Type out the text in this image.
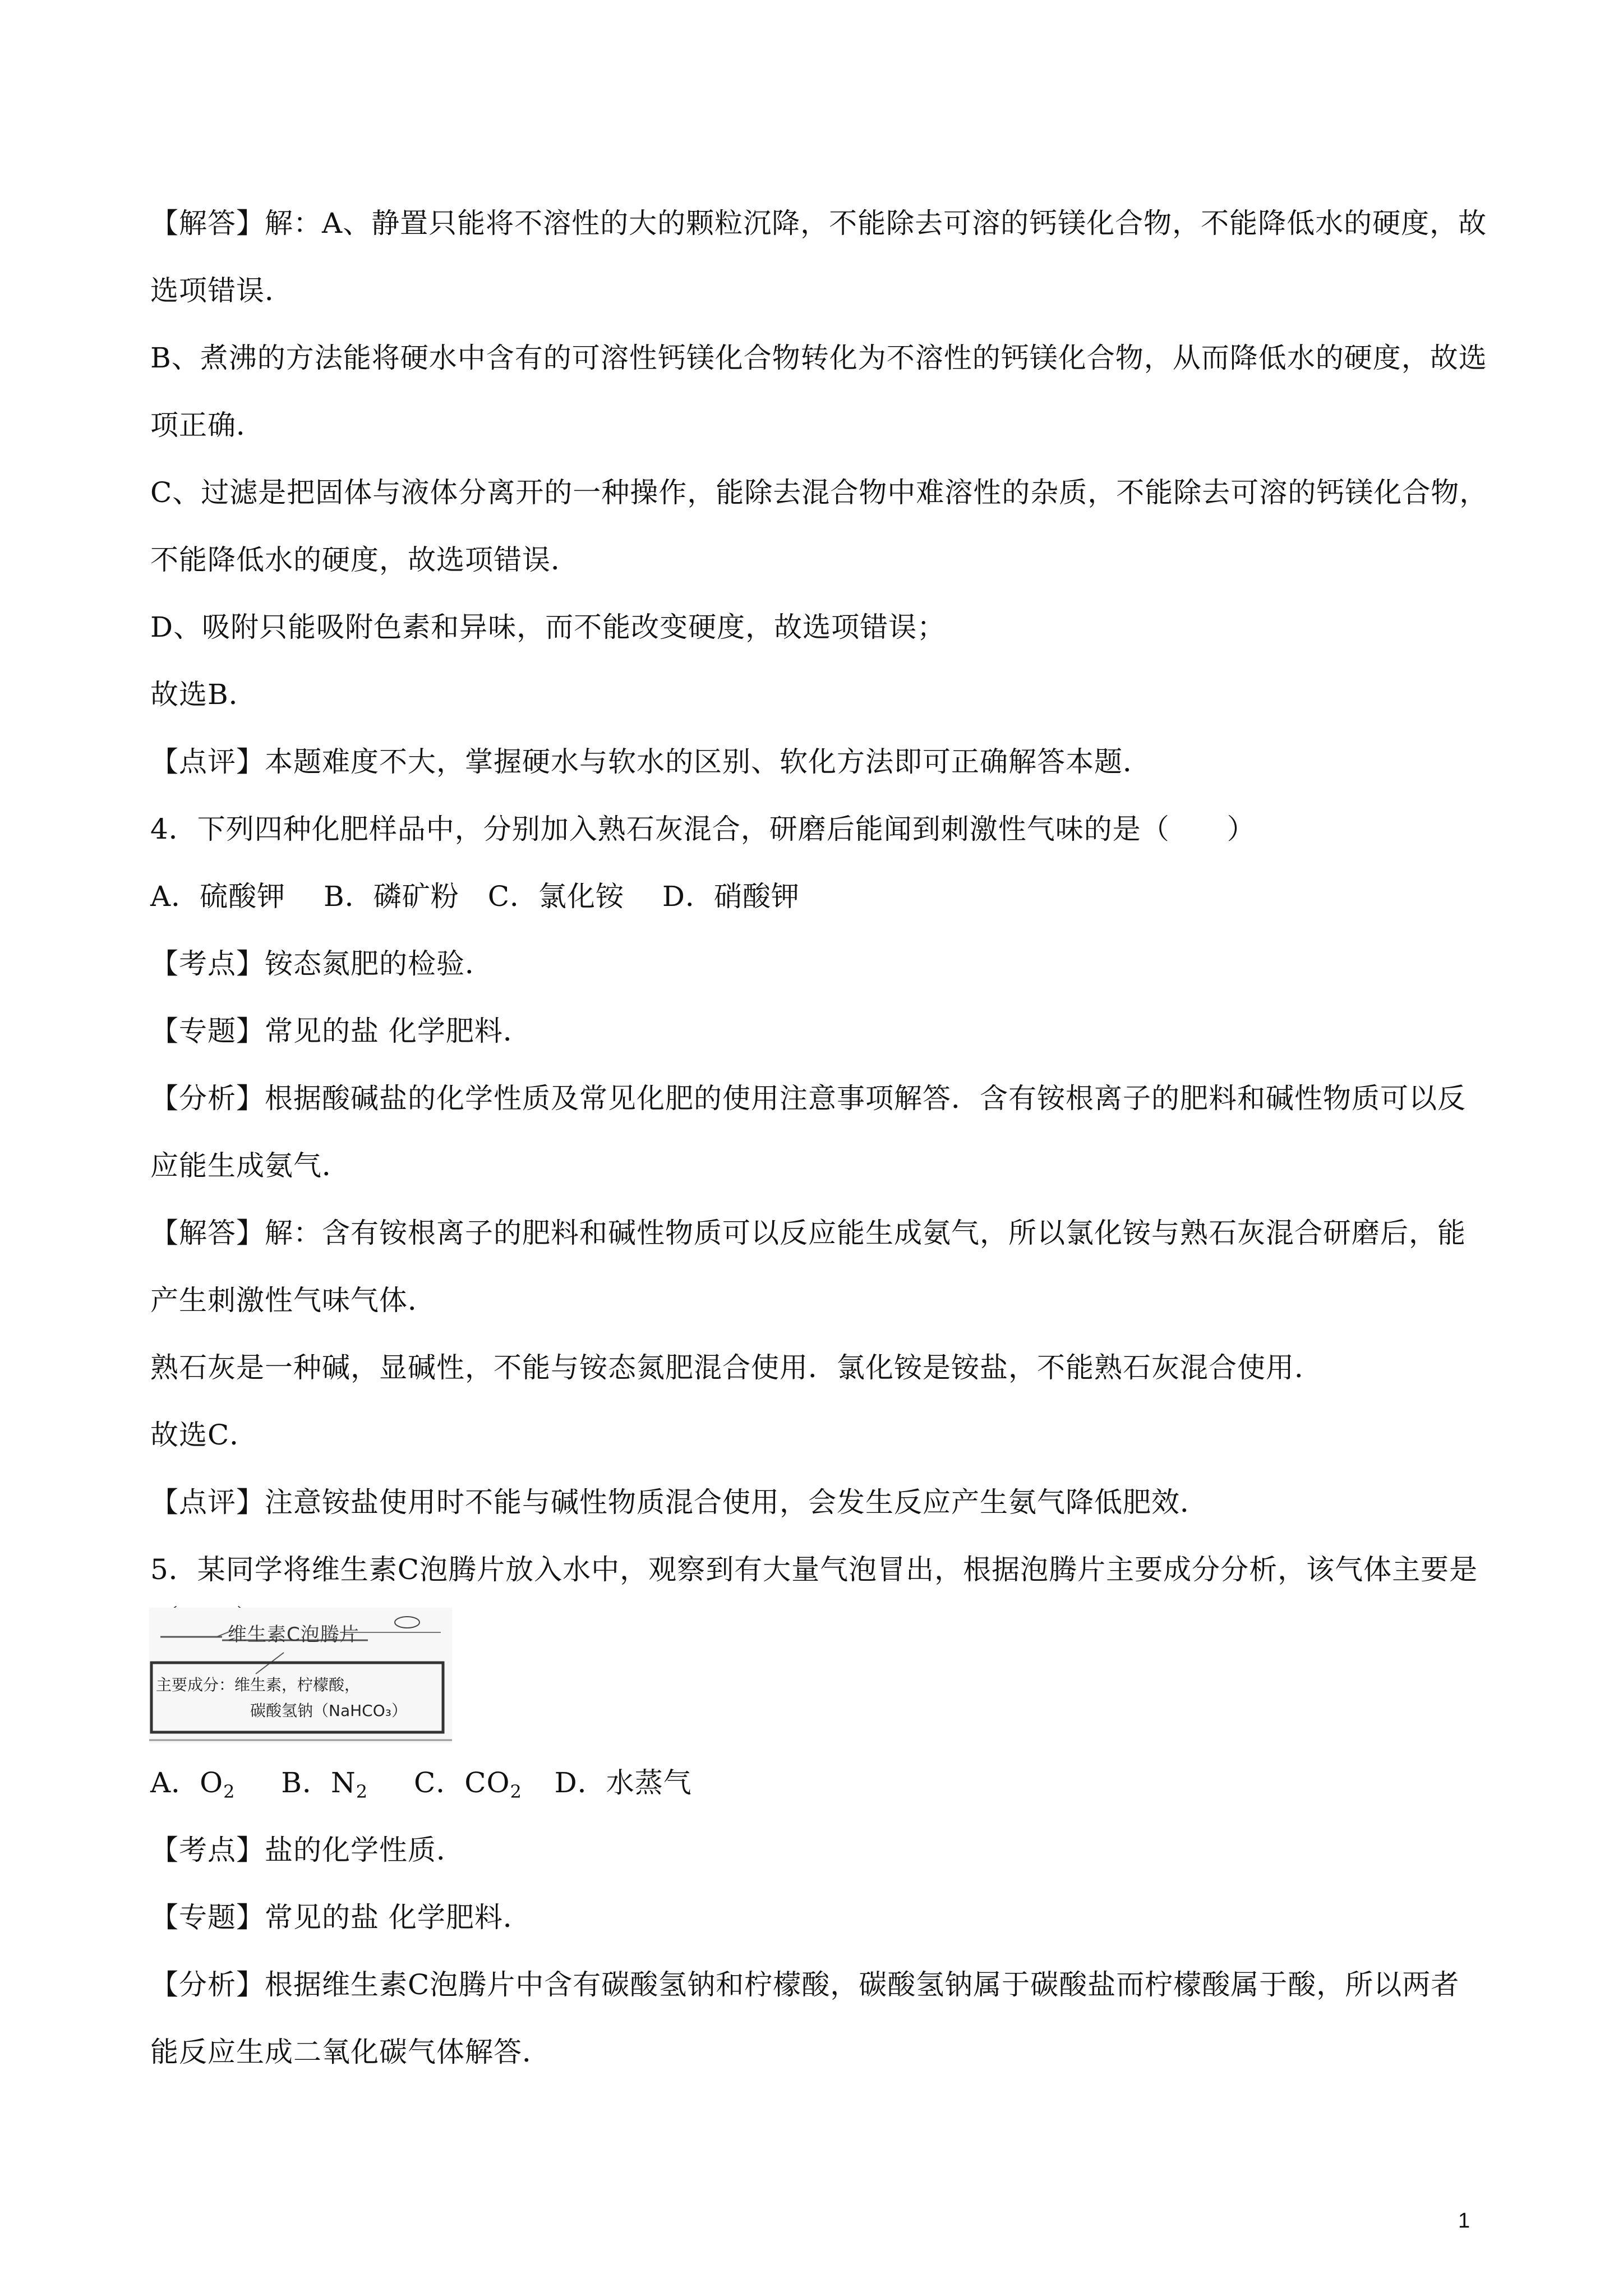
【解答】解：A、静置只能将不溶性的大的颗粒沉降，不能除去可溶的钙镁化合物，不能降低水的硬度，故
选项错误．
B、煮沸的方法能将硬水中含有的可溶性钙镁化合物转化为不溶性的钙镁化合物，从而降低水的硬度，故选
项正确．
C、过滤是把固体与液体分离开的一种操作，能除去混合物中难溶性的杂质，不能除去可溶的钙镁化合物，
不能降低水的硬度，故选项错误．
D、吸附只能吸附色素和异味，而不能改变硬度，故选项错误；
故选B．
【点评】本题难度不大，掌握硬水与软水的区别、软化方法即可正确解答本题．
4．下列四种化肥样品中，分别加入熟石灰混合，研磨后能闻到刺激性气味的是（　　）
A．硫酸钾　 B．磷矿粉　C．氯化铵　 D．硝酸钾
【考点】铵态氮肥的检验．
【专题】常见的盐 化学肥料．
【分析】根据酸碱盐的化学性质及常见化肥的使用注意事项解答．含有铵根离子的肥料和碱性物质可以反
应能生成氨气．
【解答】解：含有铵根离子的肥料和碱性物质可以反应能生成氨气，所以氯化铵与熟石灰混合研磨后，能
产生刺激性气味气体．
熟石灰是一种碱，显碱性，不能与铵态氮肥混合使用．氯化铵是铵盐，不能熟石灰混合使用．
故选C．
【点评】注意铵盐使用时不能与碱性物质混合使用，会发生反应产生氨气降低肥效．
5．某同学将维生素C泡腾片放入水中，观察到有大量气泡冒出，根据泡腾片主要成分分析，该气体主要是
维生素C泡腾片
主要成分：维生素，柠檬酸，
碳酸氢钠（NaHCO₃）
A．$O_2$ B．$N_2$ C．$CO_2$ D．水蒸气
【考点】盐的化学性质．
【专题】常见的盐 化学肥料．
【分析】根据维生素C泡腾片中含有碳酸氢钠和柠檬酸，碳酸氢钠属于碳酸盐而柠檬酸属于酸，所以两者
能反应生成二氧化碳气体解答．
1
